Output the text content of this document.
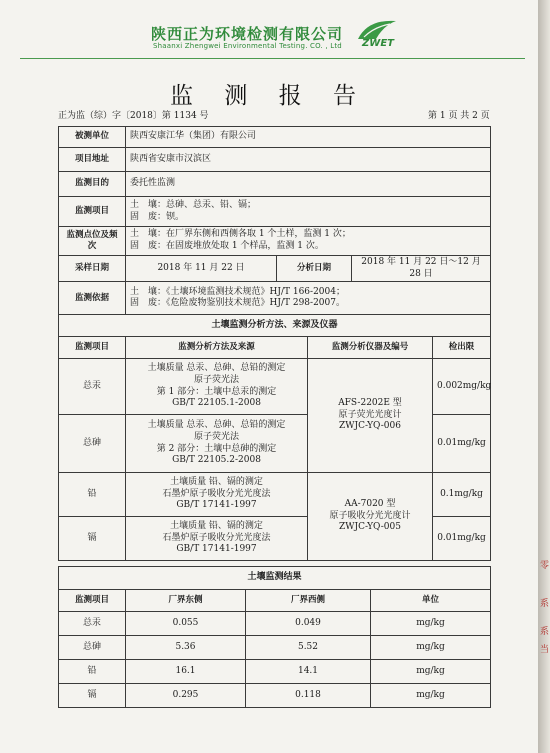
零
系
系
当
陕西正为环境检测有限公司
Shaanxi Zhengwei Environmental Testing. CO. , Ltd	ZWET
监 测 报 告
正为监（综）字〔2018〕第 1134 号	第 1 页 共 2 页
被测单位	陕西安康江华（集团）有限公司		
项目地址	陕西省安康市汉滨区		
监测目的	委托性监测		
监测项目	土　壤：总砷、总汞、铅、镉；
固　废：钡。		

监测点位及频次	土　壤：在厂界东侧和西侧各取 1 个土样，监测 1 次；
固　废：在固废堆放处取 1 个样品，监测 1 次。		

采样日期	2018 年 11 月 22 日	分析日期	2018 年 11 月 22 日～12 月 28 日
监测依据	土　壤：《土壤环境监测技术规范》HJ/T 166-2004；
固　废：《危险废物鉴别技术规范》HJ/T 298-2007。		
土壤监测分析方法、来源及仪器			
监测项目	监测分析方法及来源	监测分析仪器及编号	检出限
总汞	土壤质量 总汞、总砷、总铅的测定
原子荧光法
第 1 部分：土壤中总汞的测定
GB/T 22105.1-2008	AFS-2202E 型
原子荧光光度计
ZWJC-YQ-006	0.002mg/kg
总砷	土壤质量 总汞、总砷、总铅的测定
原子荧光法
第 2 部分：土壤中总砷的测定
GB/T 22105.2-2008		0.01mg/kg
铅	土壤质量 铅、镉的测定
石墨炉原子吸收分光光度法
GB/T 17141-1997	AA-7020 型
原子吸收分光光度计
ZWJC-YQ-005	0.1mg/kg
镉	土壤质量 铅、镉的测定
石墨炉原子吸收分光光度法
GB/T 17141-1997		0.01mg/kg
土壤监测结果			
监测项目	厂界东侧	厂界西侧	单位
总汞	0.055	0.049	mg/kg
总砷	5.36	5.52	mg/kg
铅	16.1	14.1	mg/kg
镉	0.295	0.118	mg/kg
